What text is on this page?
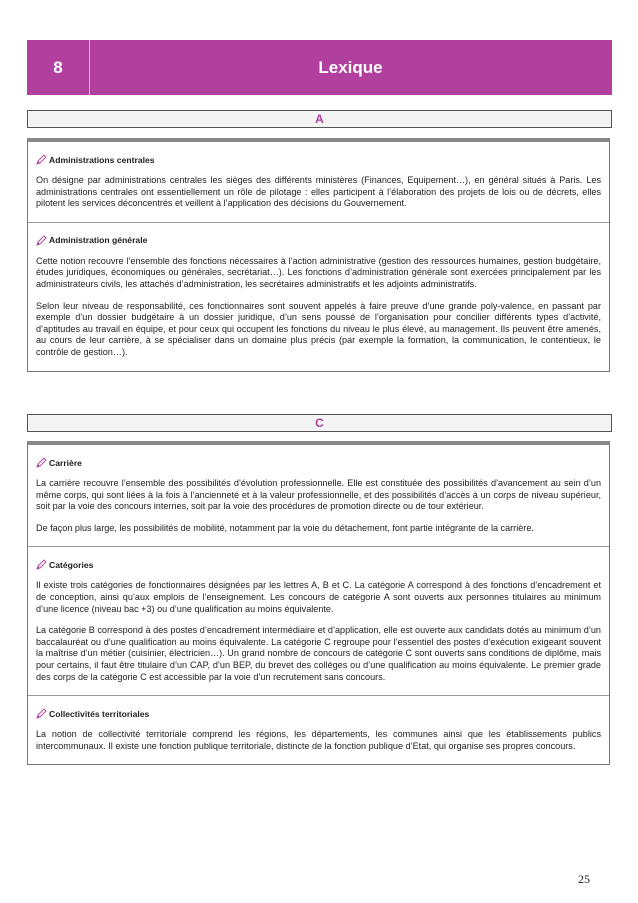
8	Lexique
A
Administrations centrales

On désigne par administrations centrales les sièges des différents ministères (Finances, Equipement…), en général situés à Paris. Les administrations centrales ont essentiellement un rôle de pilotage : elles participent à l’élaboration des projets de lois ou de décrets, elles pilotent les services déconcentrés et veillent à l’application des décisions du Gouvernement.

Administration générale

Cette notion recouvre l’ensemble des fonctions nécessaires à l’action administrative (gestion des ressources humaines, gestion budgétaire, études juridiques, économiques ou générales, secrétariat…). Les fonctions d’administration générale sont exercées principalement par les administrateurs civils, les attachés d’administration, les secrétaires administratifs et les adjoints administratifs.

Selon leur niveau de responsabilité, ces fonctionnaires sont souvent appelés à faire preuve d’une grande poly-valence, en passant par exemple d’un dossier budgétaire à un dossier juridique, d’un sens poussé de l’organisation pour concilier différents types d’activité, d’aptitudes au travail en équipe, et pour ceux qui occupent les fonctions du niveau le plus élevé, au management. Ils peuvent être amenés, au cours de leur carrière, à se spécialiser dans un domaine plus précis (par exemple la formation, la communication, le contentieux, le contrôle de gestion…).

C
Carrière

La carrière recouvre l’ensemble des possibilités d’évolution professionnelle. Elle est constituée des possibilités d’avancement au sein d’un même corps, qui sont liées à la fois à l’ancienneté et à la valeur professionnelle, et des possibilités d’accès à un corps de niveau supérieur, soit par la voie des concours internes, soit par la voie des procédures de promotion directe ou de tour extérieur.

De façon plus large, les possibilités de mobilité, notamment par la voie du détachement, font partie intégrante de la carrière.

Catégories

Il existe trois catégories de fonctionnaires désignées par les lettres A, B et C. La catégorie A correspond à des fonctions d’encadrement et de conception, ainsi qu’aux emplois de l’enseignement. Les concours de catégorie A sont ouverts aux personnes titulaires au minimum d’une licence (niveau bac +3) ou d’une qualification au moins équivalente.

La catégorie B correspond à des postes d’encadrement intermédiaire et d’application, elle est ouverte aux candidats dotés au minimum d’un baccalauréat ou d’une qualification au moins équivalente. La catégorie C regroupe pour l’essentiel des postes d’exécution exigeant souvent la maîtrise d’un métier (cuisinier, électricien…). Un grand nombre de concours de catégorie C sont ouverts sans conditions de diplôme, mais pour certains, il faut être titulaire d’un CAP, d’un BEP, du brevet des collèges ou d’une qualification au moins équivalente. Le premier grade des corps de la catégorie C est accessible par la voie d’un recrutement sans concours.

Collectivités territoriales

La notion de collectivité territoriale comprend les régions, les départements, les communes ainsi que les établissements publics intercommunaux. Il existe une fonction publique territoriale, distincte de la fonction publique d’Etat, qui organise ses propres concours.

25
